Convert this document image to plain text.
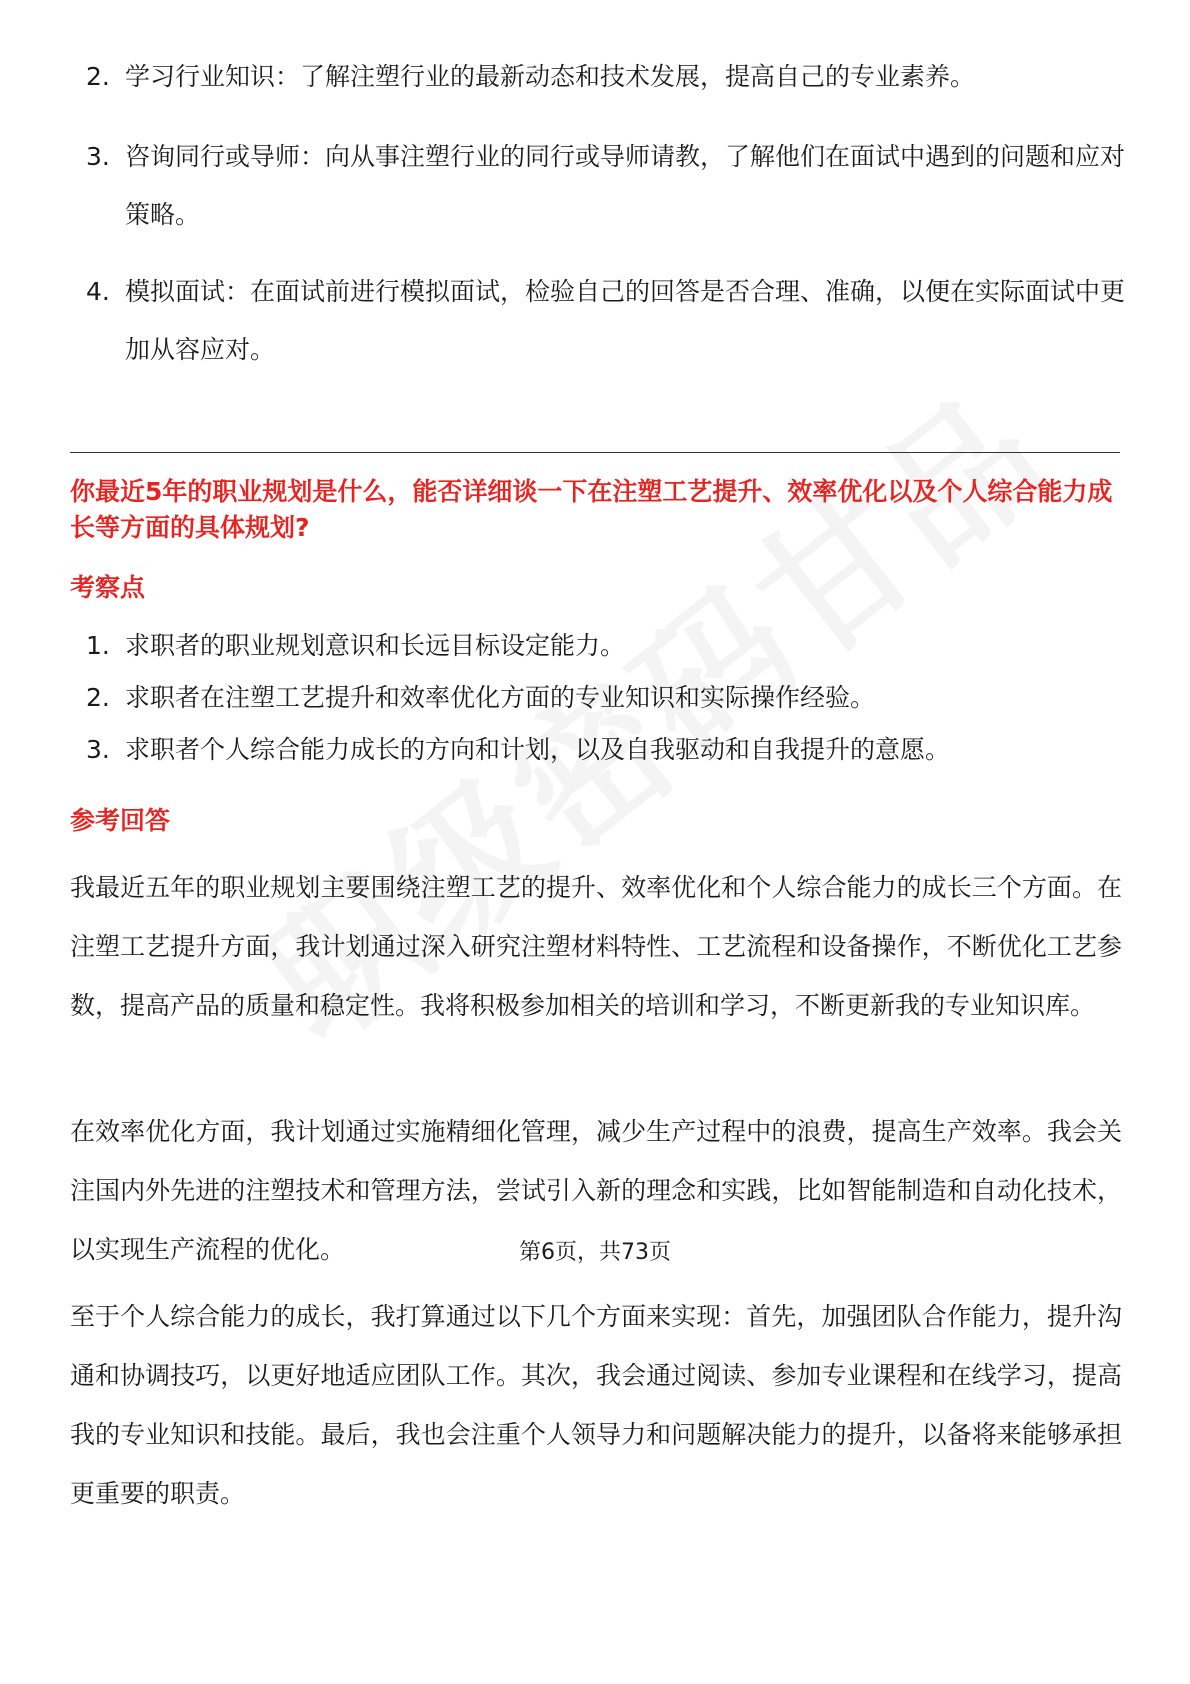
2. 学习行业知识：了解注塑行业的最新动态和技术发展，提高自己的专业素养。
3. 咨询同行或导师：向从事注塑行业的同行或导师请教，了解他们在面试中遇到的问题和应对策略。
4. 模拟面试：在面试前进行模拟面试，检验自己的回答是否合理、准确，以便在实际面试中更加从容应对。
你最近5年的职业规划是什么，能否详细谈一下在注塑工艺提升、效率优化以及个人综合能力成长等方面的具体规划?
考察点
1. 求职者的职业规划意识和长远目标设定能力。
2. 求职者在注塑工艺提升和效率优化方面的专业知识和实际操作经验。
3. 求职者个人综合能力成长的方向和计划，以及自我驱动和自我提升的意愿。
参考回答
我最近五年的职业规划主要围绕注塑工艺的提升、效率优化和个人综合能力的成长三个方面。在注塑工艺提升方面，我计划通过深入研究注塑材料特性、工艺流程和设备操作，不断优化工艺参数，提高产品的质量和稳定性。我将积极参加相关的培训和学习，不断更新我的专业知识库。
在效率优化方面，我计划通过实施精细化管理，减少生产过程中的浪费，提高生产效率。我会关注国内外先进的注塑技术和管理方法，尝试引入新的理念和实践，比如智能制造和自动化技术，以实现生产流程的优化。
至于个人综合能力的成长，我打算通过以下几个方面来实现：首先，加强团队合作能力，提升沟通和协调技巧，以更好地适应团队工作。其次，我会通过阅读、参加专业课程和在线学习，提高我的专业知识和技能。最后，我也会注重个人领导力和问题解决能力的提升，以备将来能够承担更重要的职责。
第6页，共73页
